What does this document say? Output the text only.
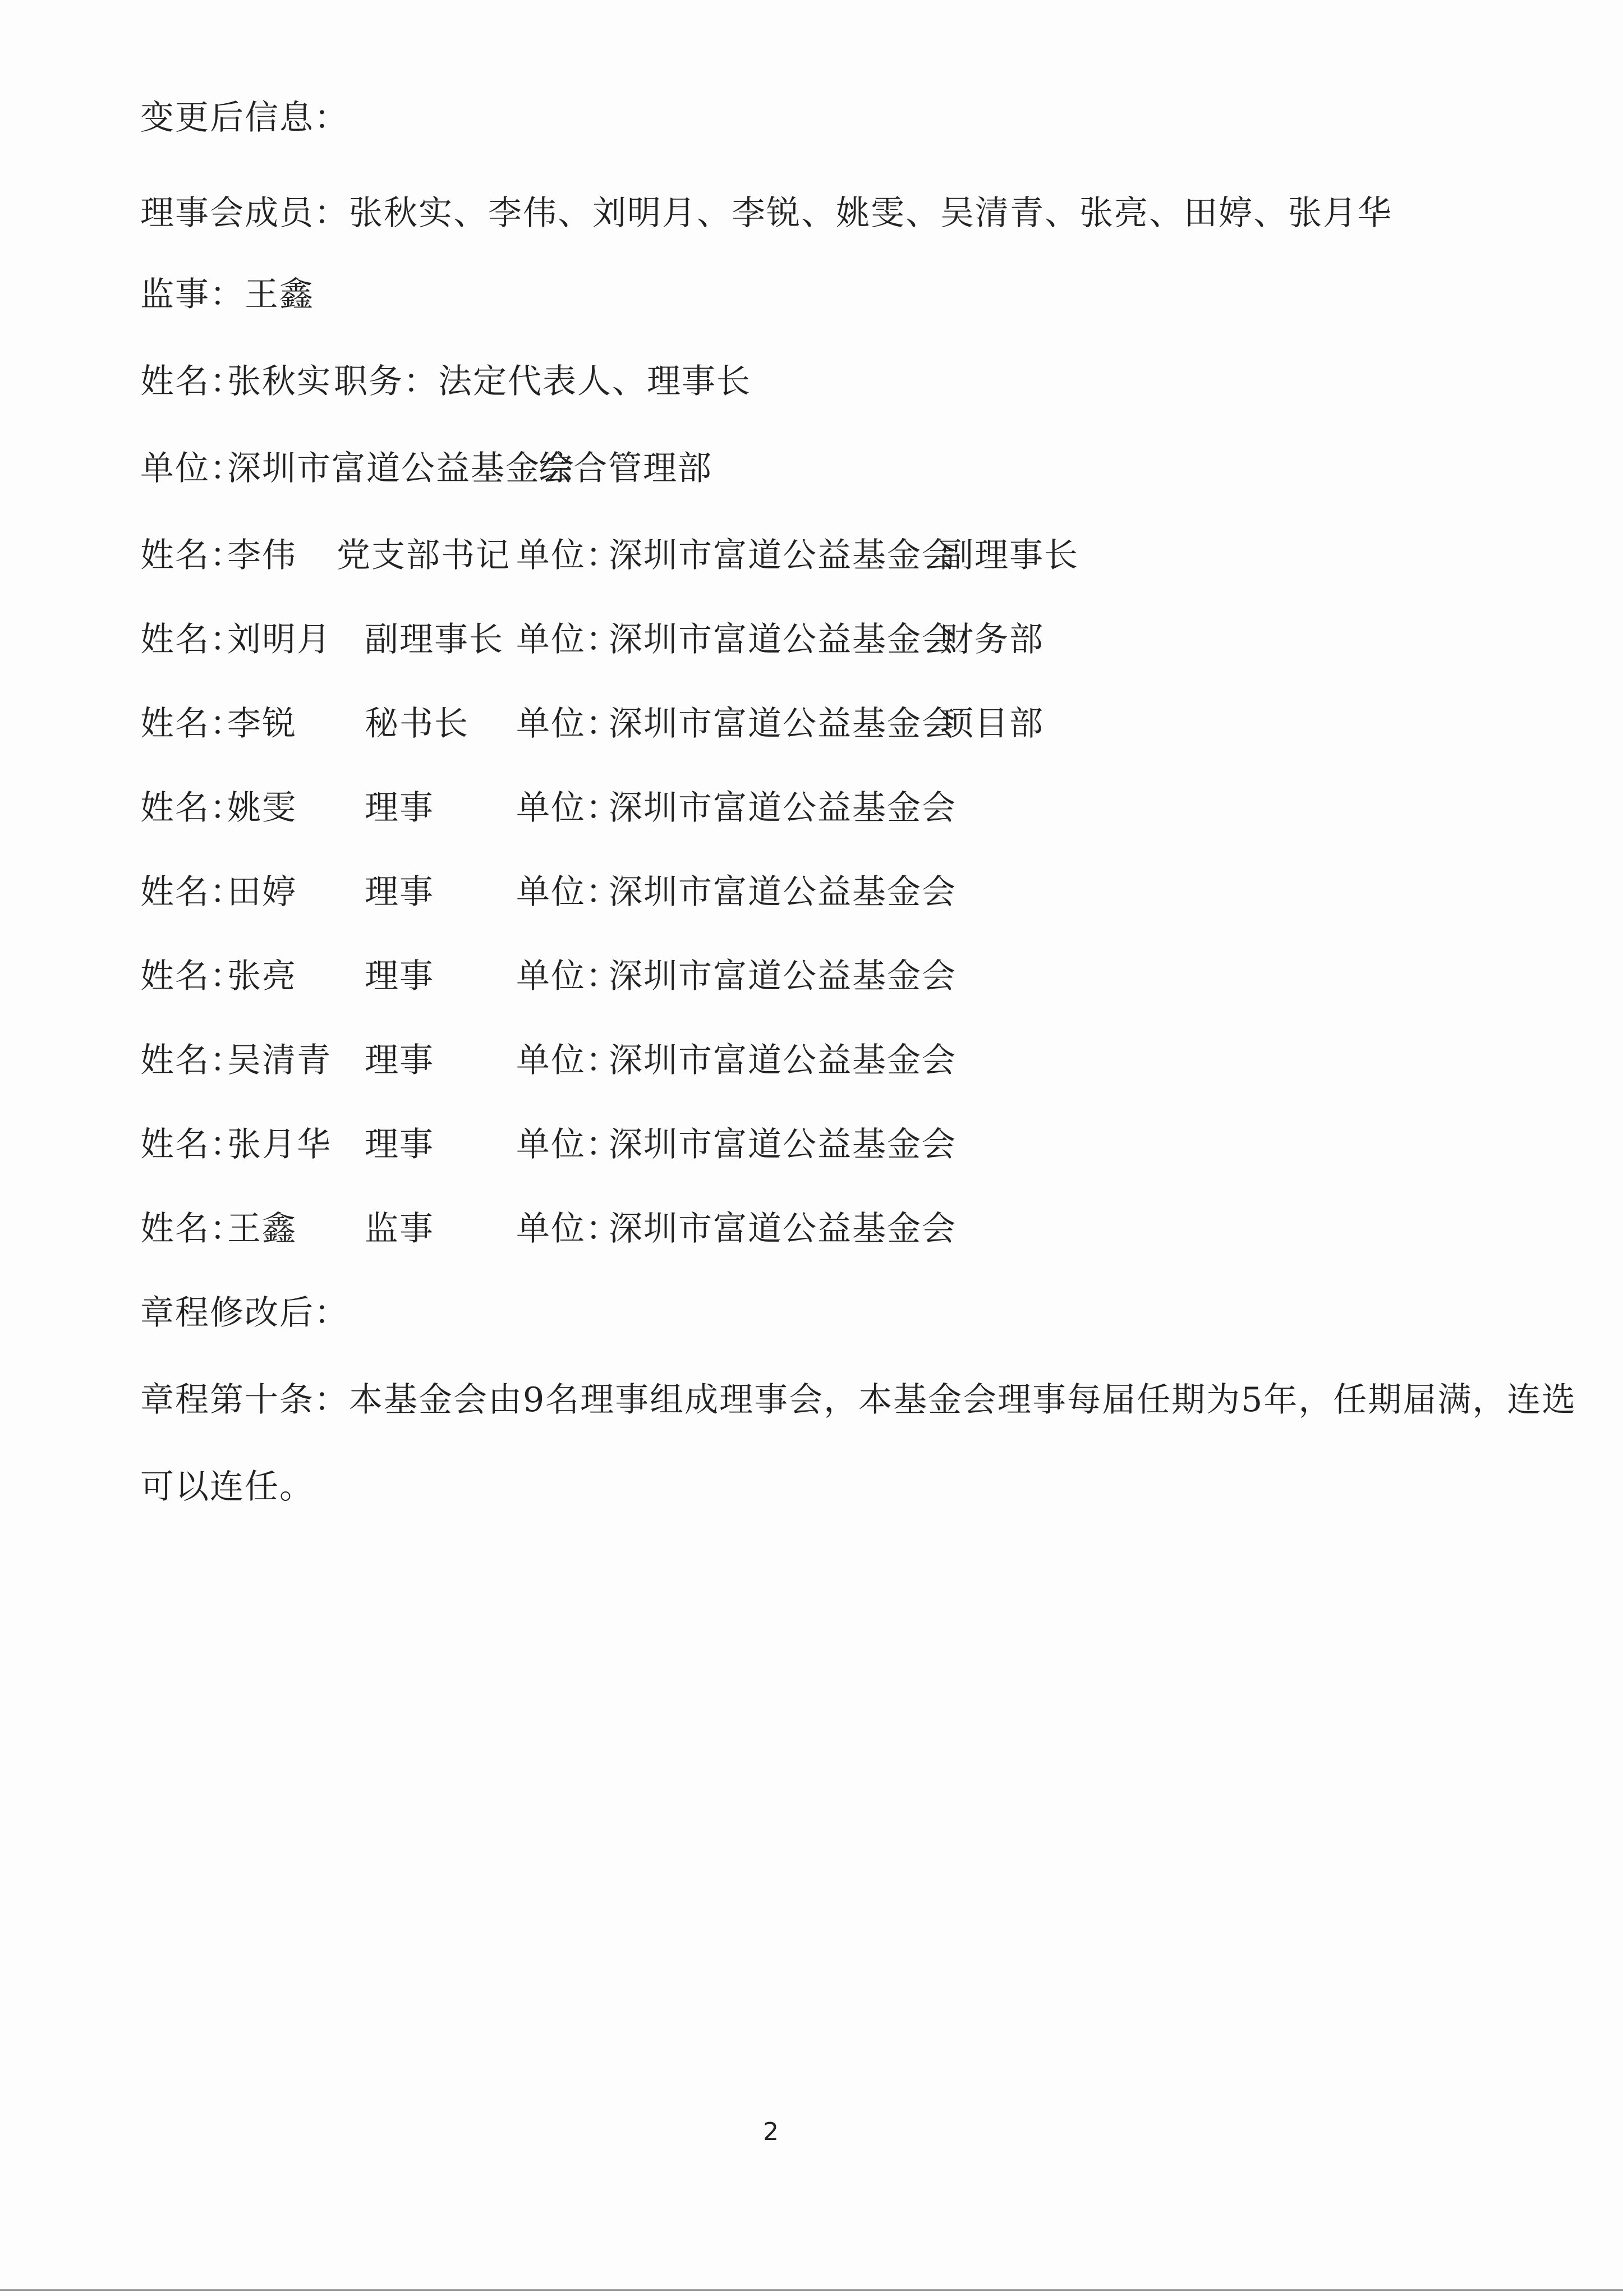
变更后信息：
理事会成员：张秋实、李伟、刘明月、李锐、姚雯、吴清青、张亮、田婷、张月华
监事：王鑫
姓名：
张秋实 职务：法定代表人、理事长
单位：
深圳市富道公益基金会
综合管理部
姓名：
李伟 党支部书记 单位：
深圳市富道公益基金会
副理事长
姓名：
刘明月 副理事长 单位：
深圳市富道公益基金会
财务部
姓名：
李锐 秘书长 单位：
深圳市富道公益基金会
项目部
姓名：
姚雯 理事 单位：
深圳市富道公益基金会
姓名：
田婷 理事 单位：
深圳市富道公益基金会
姓名：
张亮 理事 单位：
深圳市富道公益基金会
姓名：
吴清青 理事 单位：
深圳市富道公益基金会
姓名：
张月华 理事 单位：
深圳市富道公益基金会
姓名：
王鑫 监事 单位：
深圳市富道公益基金会
章程修改后：
章程第十条：本基金会由9名理事组成理事会，本基金会理事每届任期为5年，任期届满，连选
可以连任。
2
